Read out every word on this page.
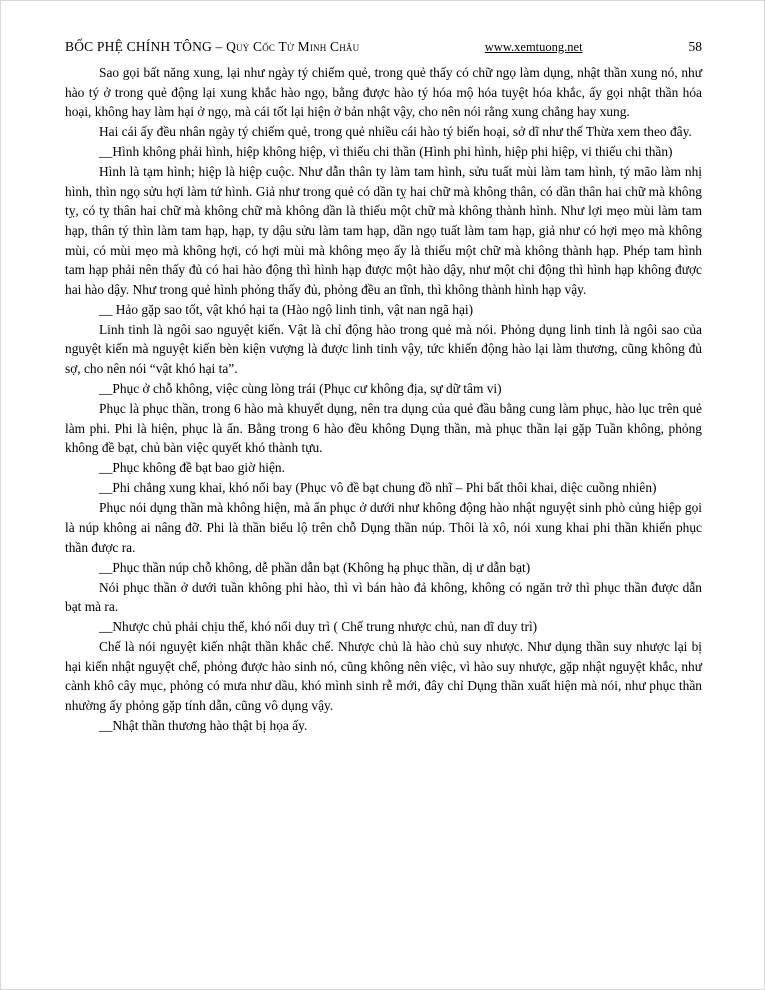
BỐC PHỆ CHÍNH TÔNG – Quỷ Cốc Tử Minh Châu	www.xemtuong.net	58

Sao gọi bất năng xung, lại như ngày tý chiếm quẻ, trong quẻ thấy có chữ ngọ làm dụng, nhật thần xung nó, như hào tý ở trong quẻ động lại xung khắc hào ngọ, bằng được hào tý hóa mộ hóa tuyệt hóa khắc, ấy gọi nhật thần hóa hoại, không hay làm hại ở ngọ, mà cái tốt lại hiện ở bản nhật vậy, cho nên nói rằng xung chẳng hay xung.

Hai cái ấy đều nhân ngày tý chiếm quẻ, trong quẻ nhiều cái hào tý biến hoại, sở dĩ như thế Thừa xem theo đây.

__Hình không phải hình, hiệp không hiệp, vì thiếu chi thần (Hình phi hình, hiệp phi hiệp, vi thiếu chi thần)

Hình là tạm hình; hiệp là hiệp cuộc. Như dẫn thân ty làm tam hình, sửu tuất mùi làm tam hình, tý mão làm nhị hình, thìn ngọ sửu hợi làm tứ hình. Giả như trong quẻ có dần tỵ hai chữ mà không thân, có dần thân hai chữ mà không tỵ, có tỵ thân hai chữ mà không chữ mà không dần là thiếu một chữ mà không thành hình. Như lợi mẹo mùi làm tam hạp, thân tý thìn làm tam hạp, hạp, ty dậu sửu làm tam hạp, dần ngọ tuất làm tam hạp, giả như có hợi mẹo mà không mùi, có mùi mẹo mà không hợi, có hợi mùi mà không mẹo ấy là thiếu một chữ mà không thành hạp. Phép tam hình tam hạp phải nên thấy đủ có hai hào động thì hình hạp được một hào dậy, như một chi động thì hình hạp không được hai hào dậy. Như trong quẻ hình phỏng thấy đủ, phỏng đều an tĩnh, thì không thành hình hạp vậy.

__ Hảo gặp sao tốt, vật khó hại ta (Hào ngộ linh tinh, vật nan ngã hại)

Linh tinh là ngôi sao nguyệt kiến. Vật là chỉ động hào trong quẻ mà nói. Phỏng dụng linh tinh là ngôi sao của nguyệt kiến mà nguyệt kiến bèn kiện vượng là được linh tinh vậy, tức khiến động hào lại làm thương, cũng không đủ sợ, cho nên nói “vật khó hại ta”.

__Phục ở chỗ không, việc cùng lòng trái (Phục cư không địa, sự dữ tâm vi)

Phục là phục thần, trong 6 hào mà khuyết dụng, nên tra dụng của quẻ đầu bằng cung làm phục, hào lục trên quẻ làm phi. Phi là hiện, phục là ẩn. Bằng trong 6 hào đều không Dụng thần, mà phục thần lại gặp Tuần không, phỏng không đề bạt, chủ bàn việc quyết khó thành tựu.

__Phục không đề bạt bao giờ hiện.

__Phi chẳng xung khai, khó nổi bay (Phục vô đề bạt chung đồ nhĩ – Phi bất thôi khai, diệc cuồng nhiên)

Phục nói dụng thần mà không hiện, mà ẩn phục ở dưới như không động hào nhật nguyệt sinh phò củng hiệp gọi là núp không ai nâng đỡ. Phi là thần biểu lộ trên chỗ Dụng thần núp. Thôi là xô, nói xung khai phi thần khiến phục thần được ra.

__Phục thần núp chỗ không, dễ phần dẫn bạt (Không hạ phục thần, dị ư dẫn bạt)

Nói phục thần ở dưới tuần không phi hào, thì vì bán hào đả không, không có ngăn trở thì phục thần được dẫn bạt mà ra.

__Nhược chủ phải chịu thế, khó nổi duy trì ( Chế trung nhược chủ, nan dĩ duy trì)

Chế là nói nguyệt kiến nhật thần khắc chế. Nhược chủ là hào chủ suy nhược. Như dụng thần suy nhược lại bị hại kiến nhật nguyệt chế, phỏng được hào sinh nó, cũng không nên việc, vì hào suy nhược, gặp nhật nguyệt khắc, như cành khô cây mục, phỏng có mưa như dầu, khó mình sinh rễ mới, đây chỉ Dụng thần xuất hiện mà nói, như phục thần nhường ấy phỏng gặp tính dẫn, cũng vô dụng vậy.

__Nhật thần thương hào thật bị họa ấy.
